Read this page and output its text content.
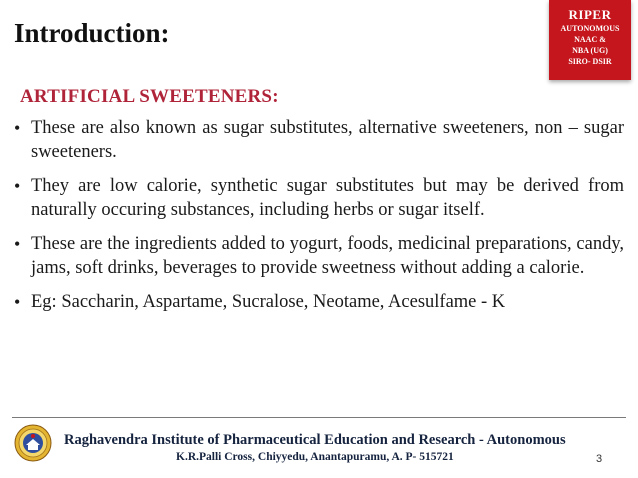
Introduction:
RIPER
AUTONOMOUS
NAAC &
NBA (UG)
SIRO- DSIR
ARTIFICIAL SWEETENERS:
• These are also known as sugar substitutes, alternative sweeteners, non – sugar sweeteners.
• They are low calorie, synthetic sugar substitutes but may be derived from naturally occuring substances, including herbs or sugar itself.
• These are the ingredients added to yogurt, foods, medicinal preparations, candy, jams, soft drinks, beverages to provide sweetness without adding a calorie.
• Eg: Saccharin, Aspartame, Sucralose, Neotame, Acesulfame - K
Raghavendra Institute of Pharmaceutical Education and Research - Autonomous
K.R.Palli Cross, Chiyyedu, Anantapuramu, A. P- 515721	3
